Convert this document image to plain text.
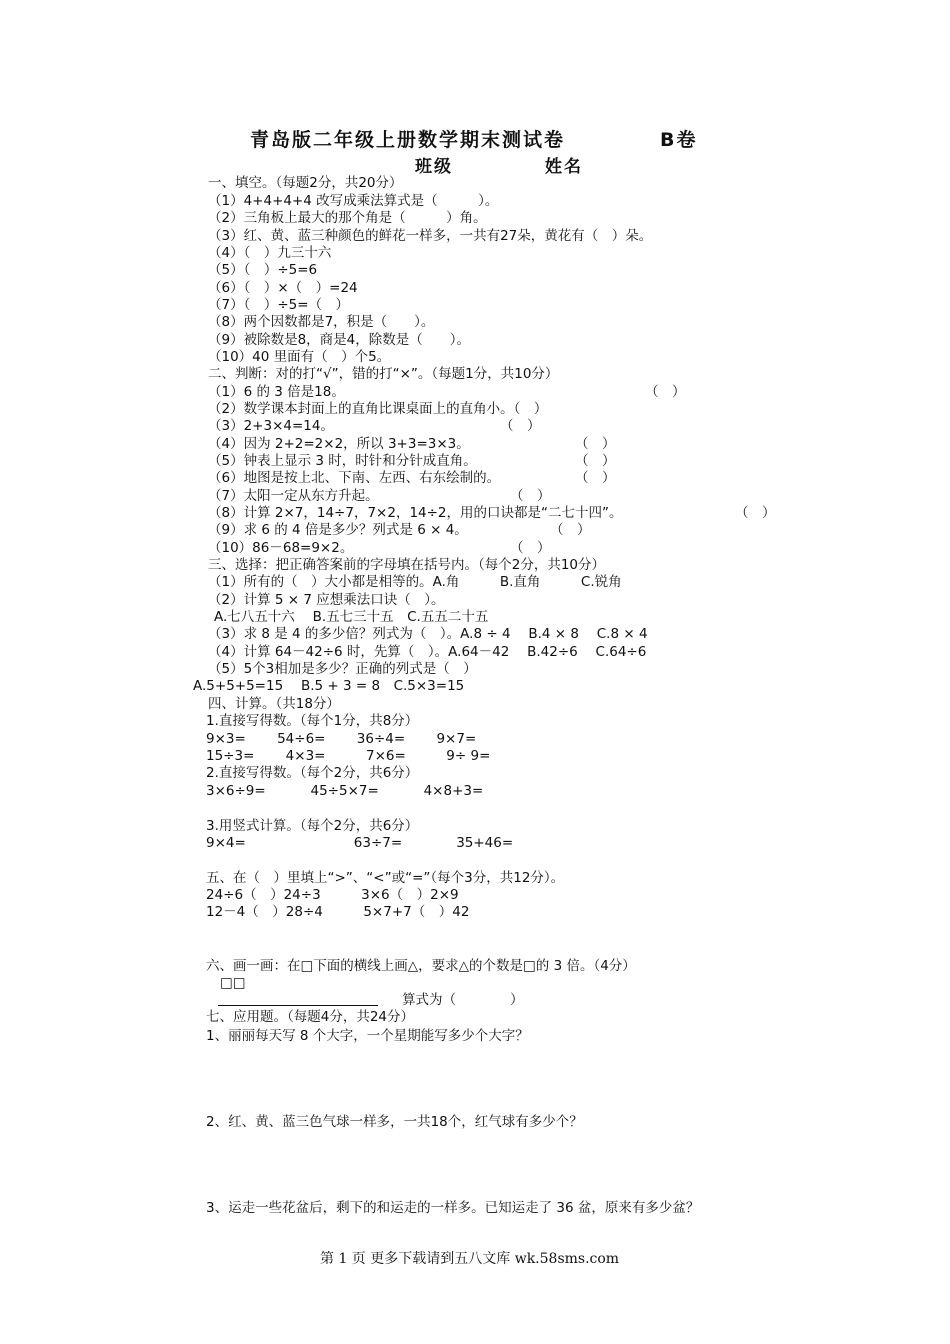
青岛版二年级上册数学期末测试卷	B卷
班级	姓名
一、填空。（每题2分，共20分）
（1）4+4+4+4 改写成乘法算式是（　　　）。
（2）三角板上最大的那个角是（　　　）角。
（3）红、黄、蓝三种颜色的鲜花一样多，一共有27朵，黄花有（　）朵。
（4）（　）九三十六
（5）（　）÷5=6
（6）（　）×（　）=24
（7）（　）÷5=（　）
（8）两个因数都是7，积是（　　）。
（9）被除数是8，商是4，除数是（　　）。
（10）40 里面有（　）个5。
二、判断：对的打“√”，错的打“×”。（每题1分，共10分）
（1）6 的 3 倍是18。	（　）
（2）数学课本封面上的直角比课桌面上的直角小。（　）
（3）2+3×4=14。	（　）
（4）因为 2+2=2×2，所以 3+3=3×3。	（　）
（5）钟表上显示 3 时，时针和分针成直角。	（　）
（6）地图是按上北、下南、左西、右东绘制的。	（　）
（7）太阳一定从东方升起。	（　）
（8）计算 2×7，14÷7，7×2，14÷2，用的口诀都是“二七十四”。	（　）
（9）求 6 的 4 倍是多少？列式是 6 × 4。	（　）
（10）86－68=9×2。	（　）
三、选择：把正确答案前的字母填在括号内。（每个2分，共10分）
（1）所有的（　）大小都是相等的。A.角　　　B.直角　　　C.锐角
（2）计算 5 × 7 应想乘法口诀（　）。
A.七八五十六　 B.五七三十五　C.五五二十五
（3）求 8 是 4 的多少倍？列式为（　）。A.8 ÷ 4　 B.4 × 8　 C.8 × 4
（4）计算 64－42÷6 时，先算（　）。A.64－42　 B.42÷6　 C.64÷6
（5）5个3相加是多少？正确的列式是（　）
A.5+5+5=15　 B.5 + 3 = 8　C.5×3=15
四、计算。（共18分）
1.直接写得数。（每个1分，共8分）
9×3=　　 54÷6=　　 36÷4=　　 9×7=
15÷3=　　 4×3=　　　7×6=　　　9÷ 9=
2.直接写得数。（每个2分，共6分）
3×6÷9=　　　 45÷5×7=　　　 4×8+3=
3.用竖式计算。（每个2分，共6分）
9×4=　　　　　　　　63÷7=　　　　35+46=
五、在（　）里填上“>”、“<”或“=”（每个3分，共12分）。
24÷6（　）24÷3　　　3×6（　）2×9
12－4（　）28÷4　　　5×7+7（　）42
六、画一画：在□下面的横线上画△，要求△的个数是□的 3 倍。（4分）
□□
算式为（　　　　）
七、应用题。（每题4分，共24分）
1、丽丽每天写 8 个大字，一个星期能写多少个大字？
2、红、黄、蓝三色气球一样多，一共18个，红气球有多少个？
3、运走一些花盆后，剩下的和运走的一样多。已知运走了 36 盆，原来有多少盆？
第 1 页 更多下载请到五八文库 wk.58sms.com
